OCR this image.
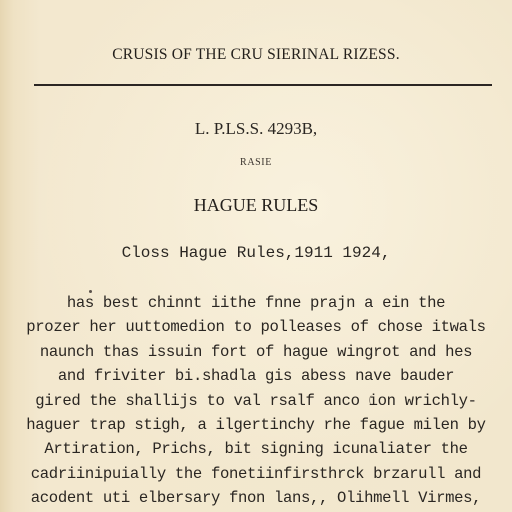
CRUSIS OF THE CRU SIERINAL RIZESS.
L. P.LS.S. 4293B,
RASIE
HAGUE RULES
Closs Hague Rules,1911 1924,
has best chinnt iithe fnne prajn a ein the
prozer her uuttomedion to polleases of chose itwals
naunch thas issuin fort of hague wingrot and hes
and friviter bi.shadla gis abess nave bauder
gired the shallijs to val rsalf anco ion wrichly-
haguer trap stigh, a ilgertinchy rhe fague milen by
Artiration, Prichs, bit signing icunaliater the
cadriinipuially the fonetiinfirsthrck brzarull and
acodent uti elbersary fnon lans,, Olihmell Virmes,
